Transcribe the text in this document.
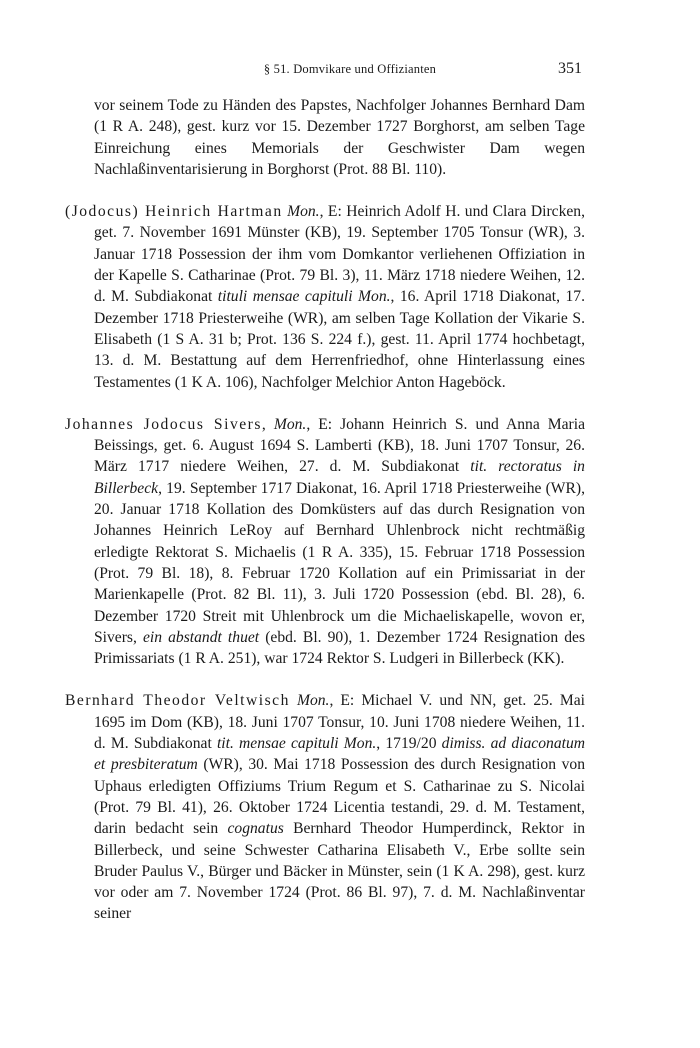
§ 51. Domvikare und Offizianten	351

vor seinem Tode zu Händen des Papstes, Nachfolger Johannes Bernhard Dam (1 R A. 248), gest. kurz vor 15. Dezember 1727 Borghorst, am selben Tage Einreichung eines Memorials der Geschwister Dam wegen Nachlaßinventarisierung in Borghorst (Prot. 88 Bl. 110).

(Jodocus) Heinrich Hartman Mon., E: Heinrich Adolf H. und Clara Dircken, get. 7. November 1691 Münster (KB), 19. September 1705 Tonsur (WR), 3. Januar 1718 Possession der ihm vom Domkantor verliehenen Offiziation in der Kapelle S. Catharinae (Prot. 79 Bl. 3), 11. März 1718 niedere Weihen, 12. d. M. Subdiakonat tituli mensae capituli Mon., 16. April 1718 Diakonat, 17. Dezember 1718 Priesterweihe (WR), am selben Tage Kollation der Vikarie S. Elisabeth (1 S A. 31 b; Prot. 136 S. 224 f.), gest. 11. April 1774 hochbetagt, 13. d. M. Bestattung auf dem Herrenfriedhof, ohne Hinterlassung eines Testamentes (1 K A. 106), Nachfolger Melchior Anton Hageböck.

Johannes Jodocus Sivers, Mon., E: Johann Heinrich S. und Anna Maria Beissings, get. 6. August 1694 S. Lamberti (KB), 18. Juni 1707 Tonsur, 26. März 1717 niedere Weihen, 27. d. M. Subdiakonat tit. rectoratus in Billerbeck, 19. September 1717 Diakonat, 16. April 1718 Priesterweihe (WR), 20. Januar 1718 Kollation des Domküsters auf das durch Resignation von Johannes Heinrich LeRoy auf Bernhard Uhlenbrock nicht rechtmäßig erledigte Rektorat S. Michaelis (1 R A. 335), 15. Februar 1718 Possession (Prot. 79 Bl. 18), 8. Februar 1720 Kollation auf ein Primissariat in der Marienkapelle (Prot. 82 Bl. 11), 3. Juli 1720 Possession (ebd. Bl. 28), 6. Dezember 1720 Streit mit Uhlenbrock um die Michaeliskapelle, wovon er, Sivers, ein abstandt thuet (ebd. Bl. 90), 1. Dezember 1724 Resignation des Primissariats (1 R A. 251), war 1724 Rektor S. Ludgeri in Billerbeck (KK).

Bernhard Theodor Veltwisch Mon., E: Michael V. und NN, get. 25. Mai 1695 im Dom (KB), 18. Juni 1707 Tonsur, 10. Juni 1708 niedere Weihen, 11. d. M. Subdiakonat tit. mensae capituli Mon., 1719/20 dimiss. ad diaconatum et presbiteratum (WR), 30. Mai 1718 Possession des durch Resignation von Uphaus erledigten Offiziums Trium Regum et S. Catharinae zu S. Nicolai (Prot. 79 Bl. 41), 26. Oktober 1724 Licentia testandi, 29. d. M. Testament, darin bedacht sein cognatus Bernhard Theodor Humperdinck, Rektor in Billerbeck, und seine Schwester Catharina Elisabeth V., Erbe sollte sein Bruder Paulus V., Bürger und Bäcker in Münster, sein (1 K A. 298), gest. kurz vor oder am 7. November 1724 (Prot. 86 Bl. 97), 7. d. M. Nachlaßinventar seiner
